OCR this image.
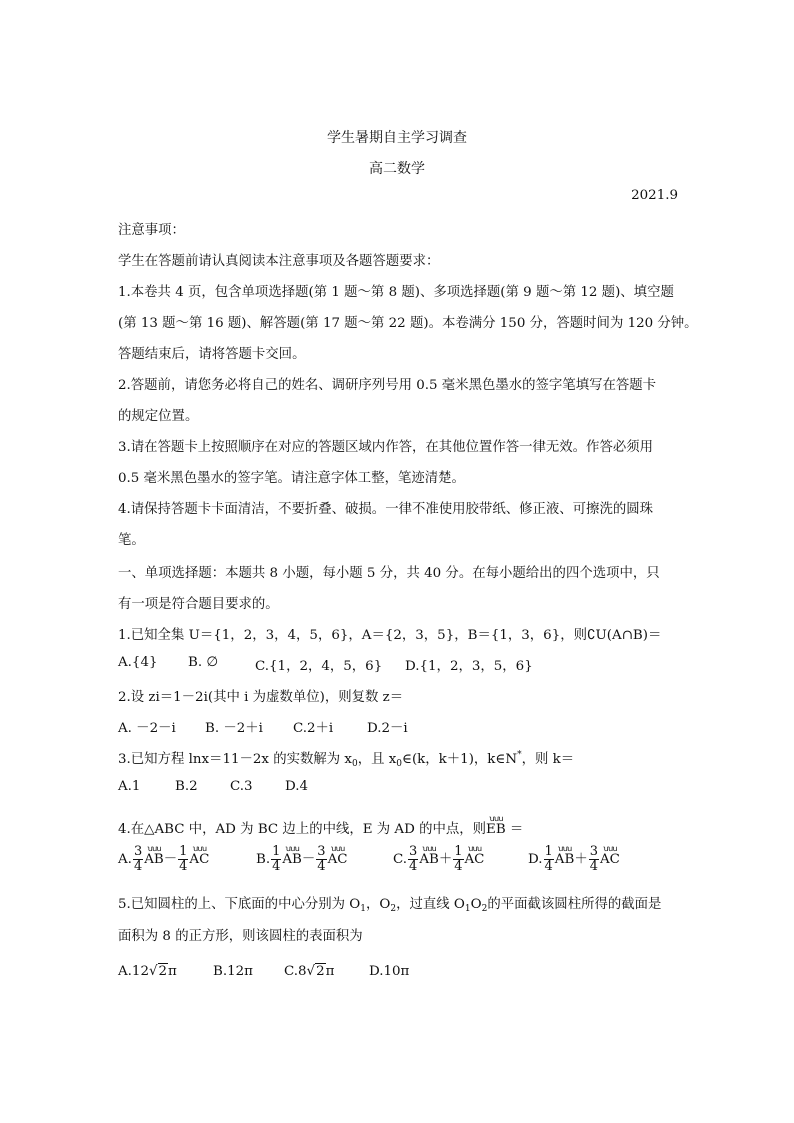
学生暑期自主学习调查
高二数学
2021.9
注意事项：
学生在答题前请认真阅读本注意事项及各题答题要求：
1.本卷共 4 页，包含单项选择题(第 1 题～第 8 题)、多项选择题(第 9 题～第 12 题)、填空题
(第 13 题～第 16 题)、解答题(第 17 题～第 22 题)。本卷满分 150 分，答题时间为 120 分钟。
答题结束后，请将答题卡交回。
2.答题前，请您务必将自己的姓名、调研序列号用 0.5 毫米黑色墨水的签字笔填写在答题卡
的规定位置。
3.请在答题卡上按照顺序在对应的答题区域内作答，在其他位置作答一律无效。作答必须用
0.5 毫米黑色墨水的签字笔。请注意字体工整，笔迹清楚。
4.请保持答题卡卡面清洁，不要折叠、破损。一律不准使用胶带纸、修正液、可擦洗的圆珠
笔。
一、单项选择题：本题共 8 小题，每小题 5 分，共 40 分。在每小题给出的四个选项中，只
有一项是符合题目要求的。
1.已知全集 U＝{1，2，3，4，5，6}，A＝{2，3，5}，B＝{1，3，6}，则∁U(A∩B)＝
A.{4} B. ∅	C.{1，2，4，5，6} D.{1，2，3，5，6}
2.设 zi＝1－2i(其中 i 为虚数单位)，则复数 z＝
A. －2－i B. －2＋i C.2＋i	D.2－i
3.已知方程 lnx＝11－2x 的实数解为 $x_0$，且 $x_0\in(k$，k＋1)，k∈N*，则 k＝
A.1	B.2 C.3 D.4
4.在△ABC 中，AD 为 BC 边上的中线，E 为 AD 的中点，则ꭒꭒꭒ EB ＝
A. $\frac{3}{4}$ ꭒꭒꭒ $AB- \frac{1}{4}$ ꭒꭒꭒ AC	B. $\frac{1}{4}$ ꭒꭒꭒ $AB- \frac{3}{4}$ ꭒꭒꭒ AC	C. $\frac{3}{4}$ ꭒꭒꭒ $AB+ \frac{1}{4}$ ꭒꭒꭒ AC	D. $\frac{1}{4}$ ꭒꭒꭒ $AB+ \frac{3}{4}$ ꭒꭒꭒ AC
5.已知圆柱的上、下底面的中心分别为 $O_1$，$O_2$，过直线 $O_1O_2$的平面截该圆柱所得的截面是
面积为 8 的正方形，则该圆柱的表面积为
A.12√2π	B.12π C.8√2π	D.10π
